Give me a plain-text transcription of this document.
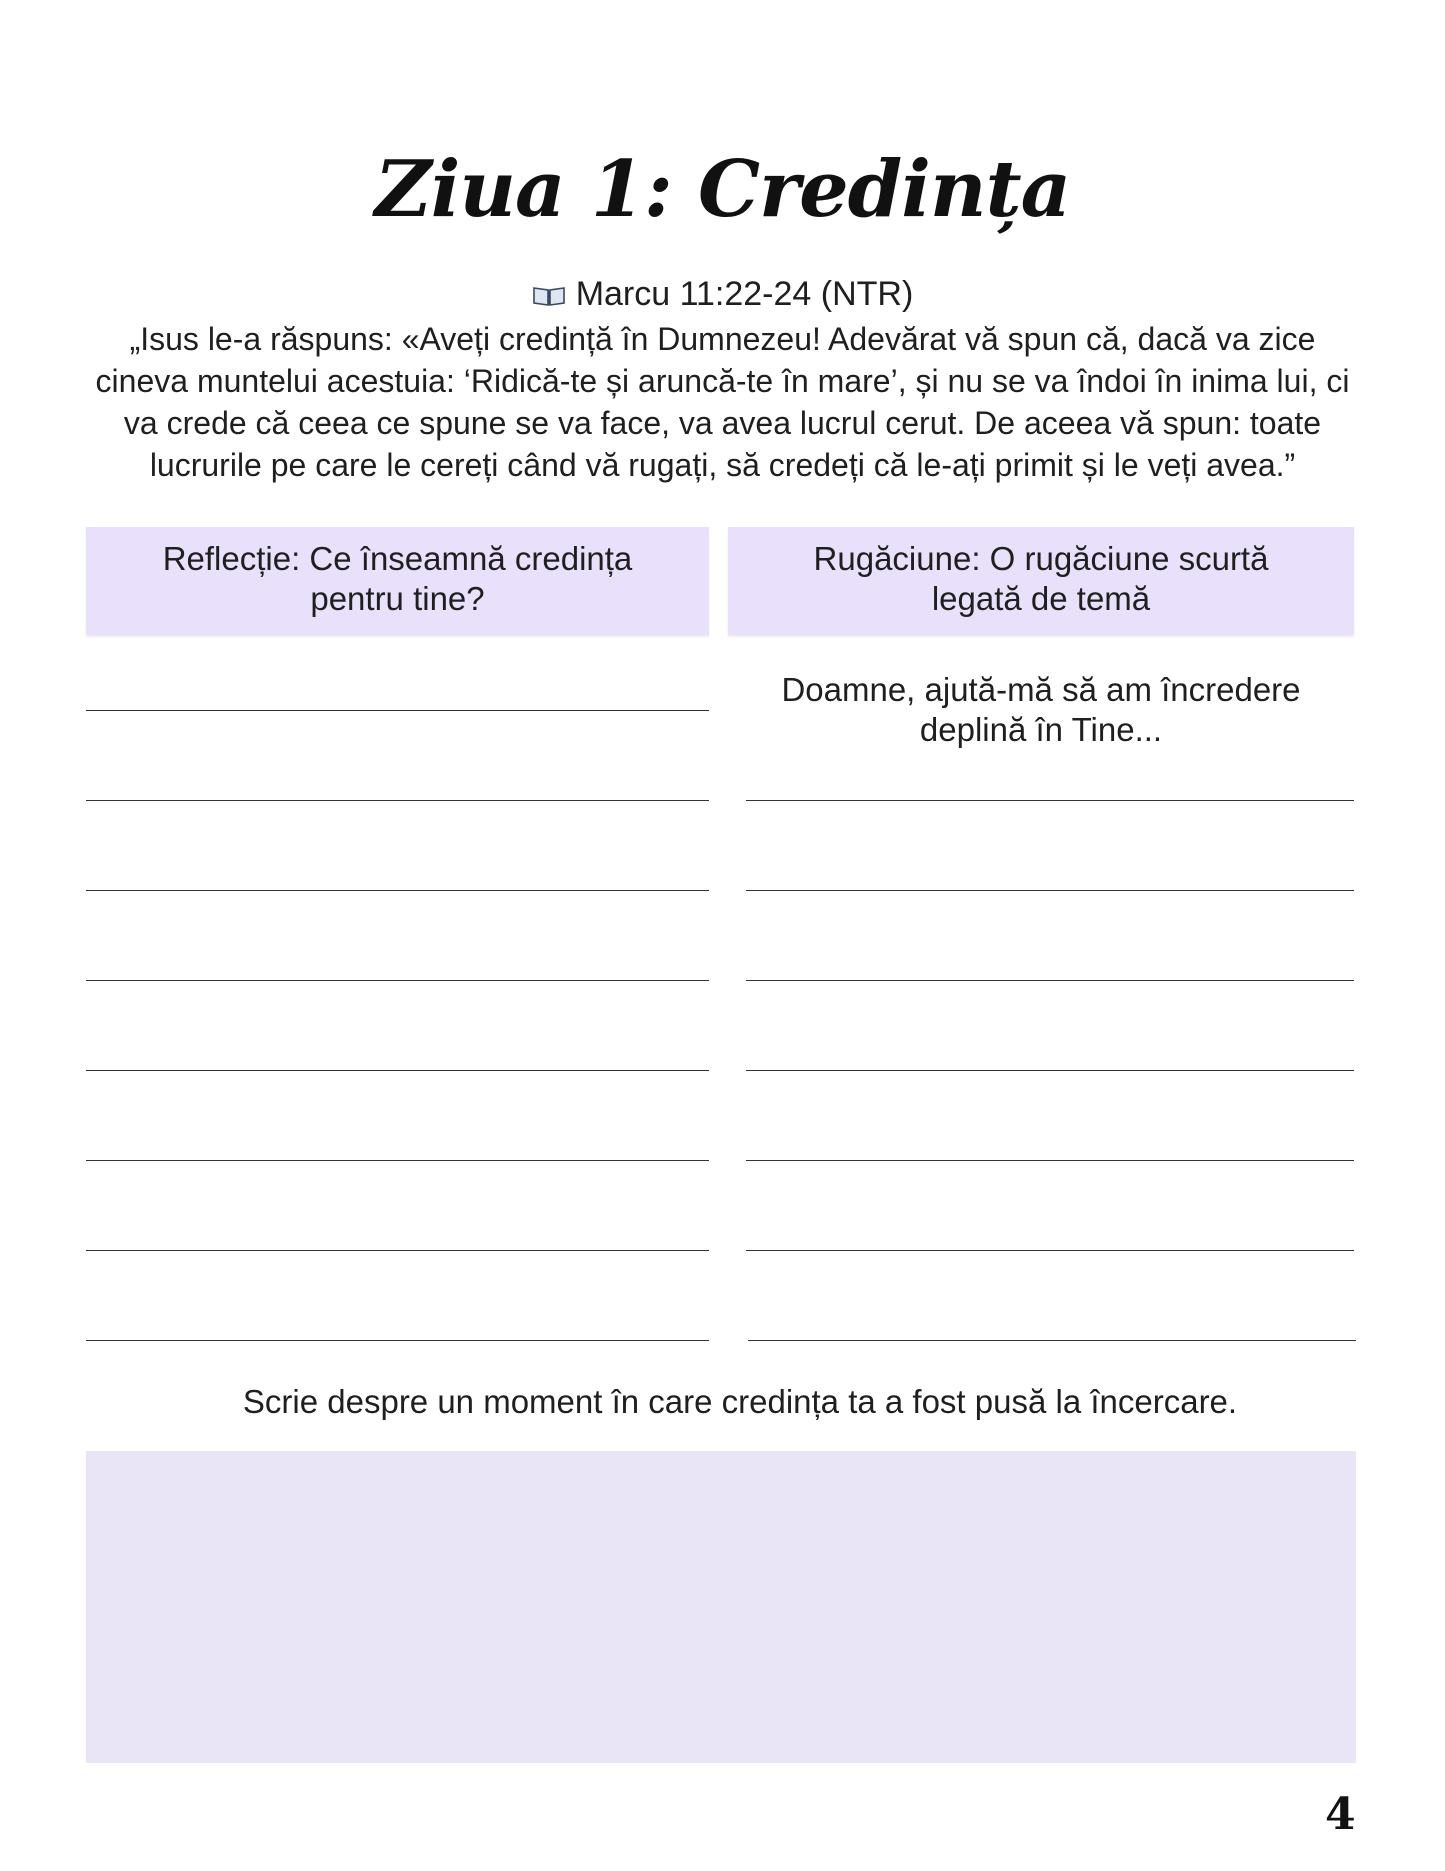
Ziua 1: Credința
Marcu 11:22-24 (NTR)
„Isus le-a răspuns: «Aveți credință în Dumnezeu! Adevărat vă spun că, dacă va zice cineva muntelui acestuia: ‘Ridică-te și aruncă-te în mare’, și nu se va îndoi în inima lui, ci va crede că ceea ce spune se va face, va avea lucrul cerut. De aceea vă spun: toate lucrurile pe care le cereți când vă rugați, să credeți că le-ați primit și le veți avea.”
Reflecție: Ce înseamnă credința pentru tine?
Rugăciune: O rugăciune scurtă legată de temă
Doamne, ajută-mă să am încredere deplină în Tine...
Scrie despre un moment în care credința ta a fost pusă la încercare.
4
